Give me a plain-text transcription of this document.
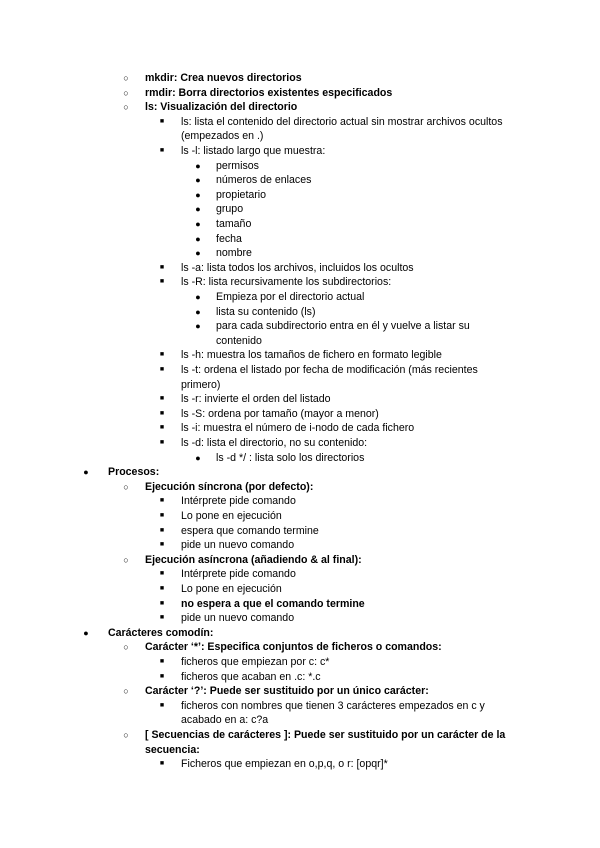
○ mkdir: Crea nuevos directorios
○ rmdir: Borra directorios existentes especificados
○ ls: Visualización del directorio
■ ls: lista el contenido del directorio actual sin mostrar archivos ocultos
(empezados en .)
■ ls -l: listado largo que muestra:
● permisos
● números de enlaces
● propietario
● grupo
● tamaño
● fecha
● nombre
■ ls -a: lista todos los archivos, incluidos los ocultos
■ ls -R: lista recursivamente los subdirectorios:
● Empieza por el directorio actual
● lista su contenido (ls)
● para cada subdirectorio entra en él y vuelve a listar su
contenido
■ ls -h: muestra los tamaños de fichero en formato legible
■ ls -t: ordena el listado por fecha de modificación (más recientes
primero)
■ ls -r: invierte el orden del listado
■ ls -S: ordena por tamaño (mayor a menor)
■ ls -i: muestra el número de i-nodo de cada fichero
■ ls -d: lista el directorio, no su contenido:
● ls -d */ : lista solo los directorios
● Procesos:
○ Ejecución síncrona (por defecto):
■ Intérprete pide comando
■ Lo pone en ejecución
■ espera que comando termine
■ pide un nuevo comando
○ Ejecución asíncrona (añadiendo & al final):
■ Intérprete pide comando
■ Lo pone en ejecución
■ no espera a que el comando termine
■ pide un nuevo comando
● Carácteres comodín:
○ Carácter ‘*’: Especifica conjuntos de ficheros o comandos:
■ ficheros que empiezan por c: c*
■ ficheros que acaban en .c: *.c
○ Carácter ‘?’: Puede ser sustituido por un único carácter:
■ ficheros con nombres que tienen 3 carácteres empezados en c y
acabado en a: c?a
○ [ Secuencias de carácteres ]: Puede ser sustituido por un carácter de la
secuencia:
■ Ficheros que empiezan en o,p,q, o r: [opqr]*
